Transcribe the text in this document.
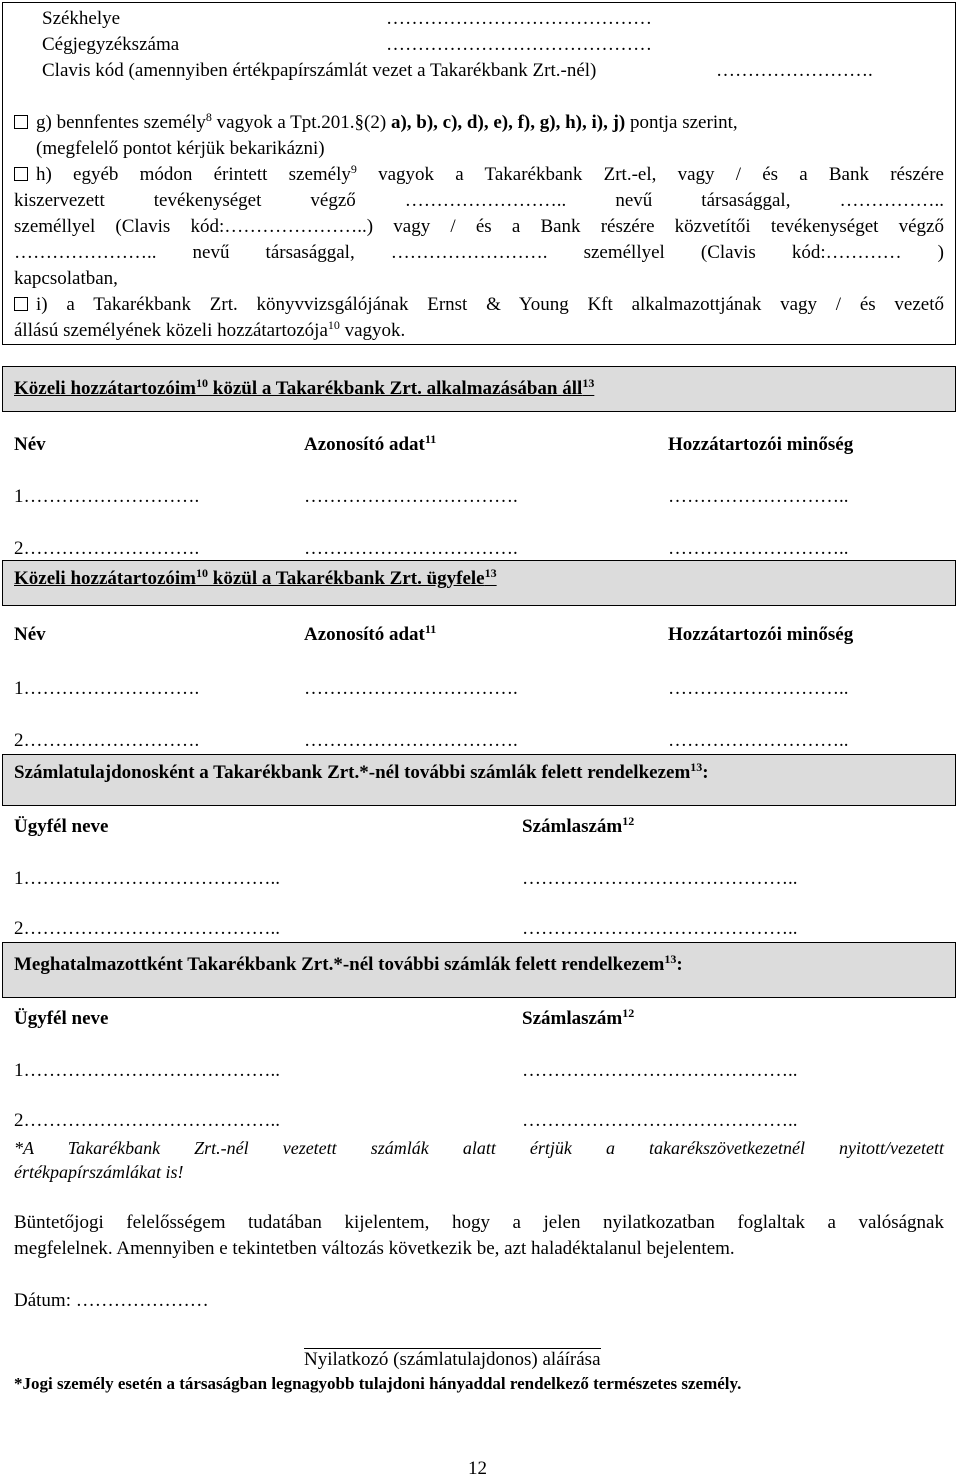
Székhelye	……………………………………
Cégjegyzékszáma	……………………………………
Clavis kód (amennyiben értékpapírszámlát vezet a Takarékbank Zrt.-nél)	…………………….
g) bennfentes személy$^8$ vagyok a Tpt.201.§(2) a), b), c), d), e), f), g), h), i), j) pontja szerint,
(megfelelő pontot kérjük bekarikázni)
h) egyéb módon érintett személy$^9$ vagyok a Takarékbank Zrt.-el, vagy / és a Bank részére
kiszervezett tevékenységet végző …………………….. nevű társasággal, ……………..
személlyel (Clavis kód:…………………..) vagy / és a Bank részére közvetítői tevékenységet végző
………………….. nevű társasággal, ……………………. személlyel (Clavis kód:………… )
kapcsolatban,
i) a Takarékbank Zrt. könyvvizsgálójának Ernst & Young Kft alkalmazottjának vagy / és vezető
állású személyének közeli hozzátartozója$^{10}$ vagyok.
Közeli hozzátartozóim$^{10}$ közül a Takarékbank Zrt. alkalmazásában áll$^{13}$
Név	Azonosító adat$^{11}$	Hozzátartozói minőség
1……………………….	…………………………….	………………………..
2……………………….	…………………………….	………………………..
Közeli hozzátartozóim$^{10}$ közül a Takarékbank Zrt. ügyfele$^{13}$
Név	Azonosító adat$^{11}$	Hozzátartozói minőség
1……………………….	…………………………….	………………………..
2……………………….	…………………………….	………………………..
Számlatulajdonosként a Takarékbank Zrt.*-nél további számlák felett rendelkezem$^{13}$:
Ügyfél neve	Számlaszám$^{12}$
1…………………………………..	……………………………………..
2…………………………………..	……………………………………..
Meghatalmazottként Takarékbank Zrt.*-nél további számlák felett rendelkezem$^{13}$:
Ügyfél neve	Számlaszám$^{12}$
1…………………………………..	……………………………………..
2…………………………………..	……………………………………..
*A Takarékbank Zrt.-nél vezetett számlák alatt értjük a takarékszövetkezetnél nyitott/vezetett
értékpapírszámlákat is!
Büntetőjogi felelősségem tudatában kijelentem, hogy a jelen nyilatkozatban foglaltak a valóságnak
megfelelnek. Amennyiben e tekintetben változás következik be, azt haladéktalanul bejelentem.
Dátum: …………………
Nyilatkozó (számlatulajdonos) aláírása
*Jogi személy esetén a társaságban legnagyobb tulajdoni hányaddal rendelkező természetes személy.
12
